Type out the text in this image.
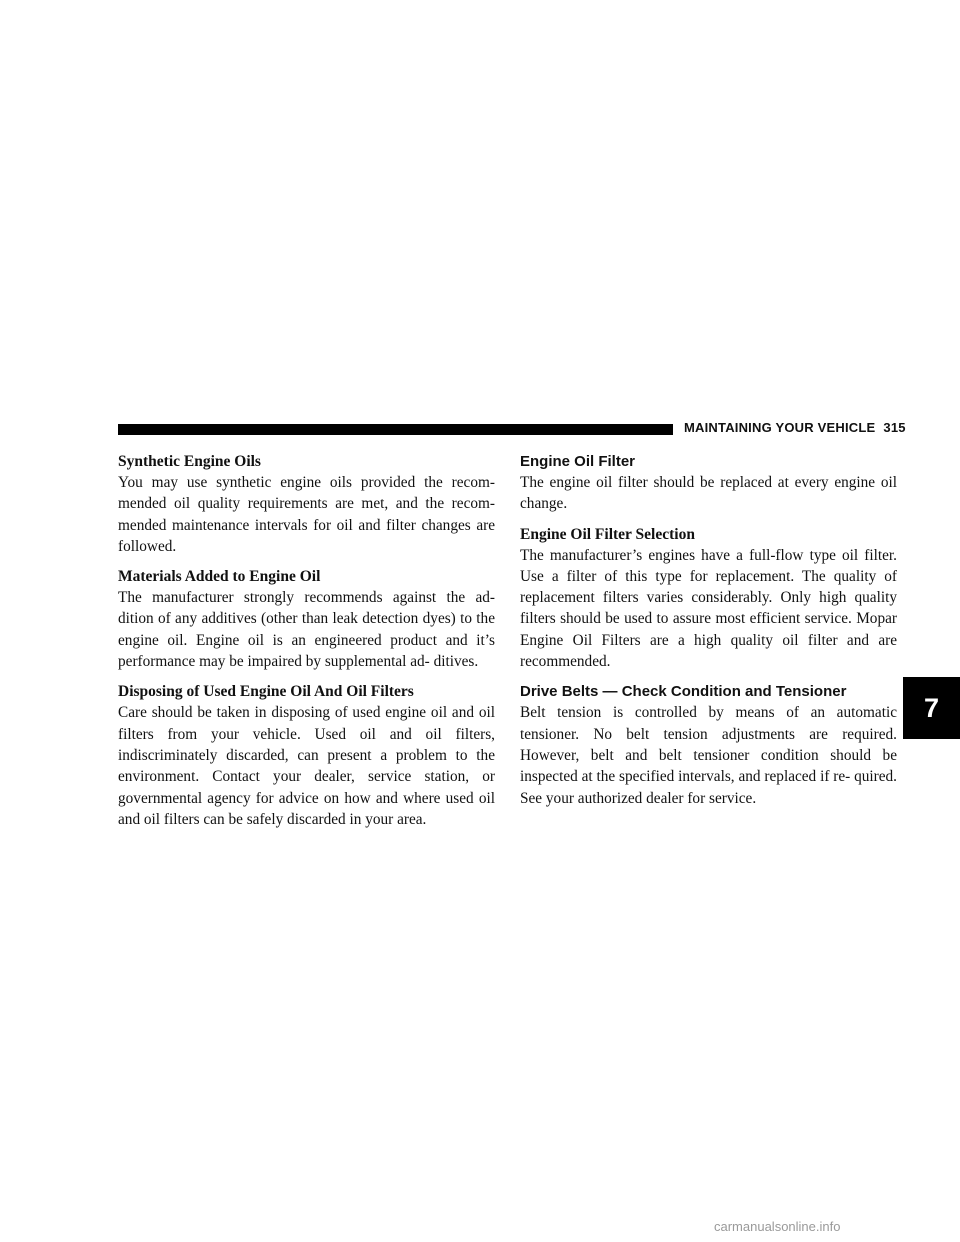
MAINTAINING YOUR VEHICLE 315
Synthetic Engine Oils

You may use synthetic engine oils provided the recom- mended oil quality requirements are met, and the recom- mended maintenance intervals for oil and filter changes are followed.

Materials Added to Engine Oil

The manufacturer strongly recommends against the ad- dition of any additives (other than leak detection dyes) to the engine oil. Engine oil is an engineered product and it’s performance may be impaired by supplemental ad- ditives.

Disposing of Used Engine Oil And Oil Filters

Care should be taken in disposing of used engine oil and oil filters from your vehicle. Used oil and oil filters, indiscriminately discarded, can present a problem to the environment. Contact your dealer, service station, or governmental agency for advice on how and where used oil and oil filters can be safely discarded in your area.

Engine Oil Filter

The engine oil filter should be replaced at every engine oil change.

Engine Oil Filter Selection

The manufacturer’s engines have a full-flow type oil filter. Use a filter of this type for replacement. The quality of replacement filters varies considerably. Only high quality filters should be used to assure most efficient service. Mopar Engine Oil Filters are a high quality oil filter and are recommended.

Drive Belts — Check Condition and Tensioner

Belt tension is controlled by means of an automatic tensioner. No belt tension adjustments are required. However, belt and belt tensioner condition should be inspected at the specified intervals, and replaced if re- quired. See your authorized dealer for service.

7
carmanualsonline.info
